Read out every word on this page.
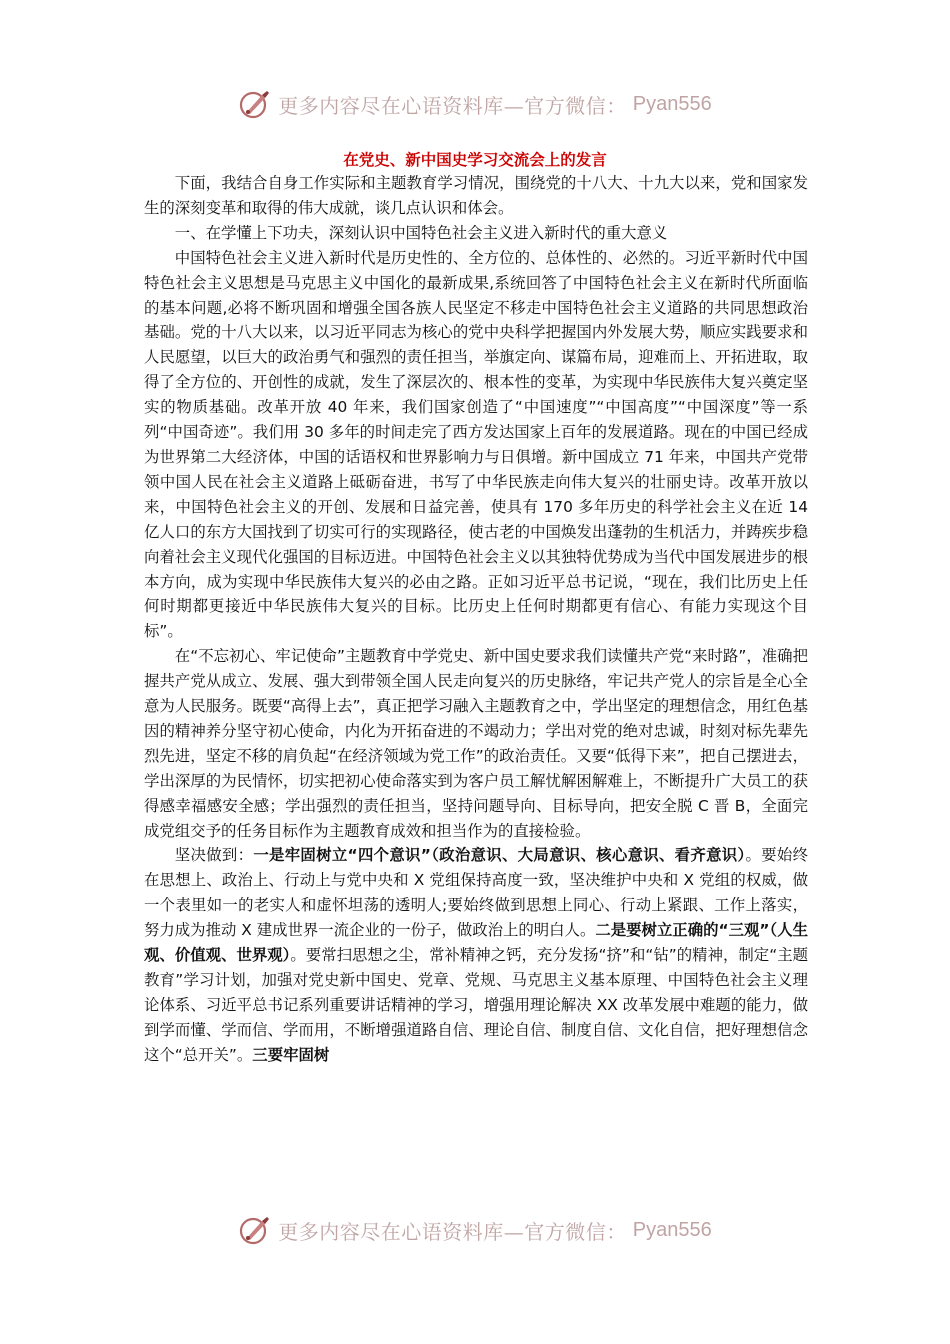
更多内容尽在心语资料库—官方微信： Pyan556
在党史、新中国史学习交流会上的发言

下面，我结合自身工作实际和主题教育学习情况，围绕党的十八大、十九大以来，党和国家发生的深刻变革和取得的伟大成就，谈几点认识和体会。

一、在学懂上下功夫，深刻认识中国特色社会主义进入新时代的重大意义

中国特色社会主义进入新时代是历史性的、全方位的、总体性的、必然的。习近平新时代中国特色社会主义思想是马克思主义中国化的最新成果,系统回答了中国特色社会主义在新时代所面临的基本问题,必将不断巩固和增强全国各族人民坚定不移走中国特色社会主义道路的共同思想政治基础。党的十八大以来，以习近平同志为核心的党中央科学把握国内外发展大势，顺应实践要求和人民愿望，以巨大的政治勇气和强烈的责任担当，举旗定向、谋篇布局，迎难而上、开拓进取，取得了全方位的、开创性的成就，发生了深层次的、根本性的变革，为实现中华民族伟大复兴奠定坚实的物质基础。改革开放 40 年来，我们国家创造了“中国速度”“中国高度”“中国深度”等一系列“中国奇迹”。我们用 30 多年的时间走完了西方发达国家上百年的发展道路。现在的中国已经成为世界第二大经济体，中国的话语权和世界影响力与日俱增。新中国成立 71 年来，中国共产党带领中国人民在社会主义道路上砥砺奋进，书写了中华民族走向伟大复兴的壮丽史诗。改革开放以来，中国特色社会主义的开创、发展和日益完善，使具有 170 多年历史的科学社会主义在近 14 亿人口的东方大国找到了切实可行的实现路径，使古老的中国焕发出蓬勃的生机活力，并踌疾步稳向着社会主义现代化强国的目标迈进。中国特色社会主义以其独特优势成为当代中国发展进步的根本方向，成为实现中华民族伟大复兴的必由之路。正如习近平总书记说，“现在，我们比历史上任何时期都更接近中华民族伟大复兴的目标。比历史上任何时期都更有信心、有能力实现这个目标”。

在“不忘初心、牢记使命”主题教育中学党史、新中国史要求我们读懂共产党“来时路”，准确把握共产党从成立、发展、强大到带领全国人民走向复兴的历史脉络，牢记共产党人的宗旨是全心全意为人民服务。既要“高得上去”，真正把学习融入主题教育之中，学出坚定的理想信念，用红色基因的精神养分坚守初心使命，内化为开拓奋进的不竭动力；学出对党的绝对忠诚，时刻对标先辈先烈先进，坚定不移的肩负起“在经济领域为党工作”的政治责任。又要“低得下来”，把自己摆进去，学出深厚的为民情怀，切实把初心使命落实到为客户员工解忧解困解难上，不断提升广大员工的获得感幸福感安全感；学出强烈的责任担当，坚持问题导向、目标导向，把安全脱 C 晋 B，全面完成党组交予的任务目标作为主题教育成效和担当作为的直接检验。

坚决做到：一是牢固树立“四个意识”（政治意识、大局意识、核心意识、看齐意识）。要始终在思想上、政治上、行动上与党中央和 X 党组保持高度一致，坚决维护中央和 X 党组的权威，做一个表里如一的老实人和虚怀坦荡的透明人;要始终做到思想上同心、行动上紧跟、工作上落实，努力成为推动 X 建成世界一流企业的一份子，做政治上的明白人。二是要树立正确的“三观”（人生观、价值观、世界观）。要常扫思想之尘，常补精神之钙，充分发扬“挤”和“钻”的精神，制定“主题教育”学习计划，加强对党史新中国史、党章、党规、马克思主义基本原理、中国特色社会主义理论体系、习近平总书记系列重要讲话精神的学习，增强用理论解决 XX 改革发展中难题的能力，做到学而懂、学而信、学而用，不断增强道路自信、理论自信、制度自信、文化自信，把好理想信念这个“总开关”。三要牢固树

更多内容尽在心语资料库—官方微信： Pyan556
